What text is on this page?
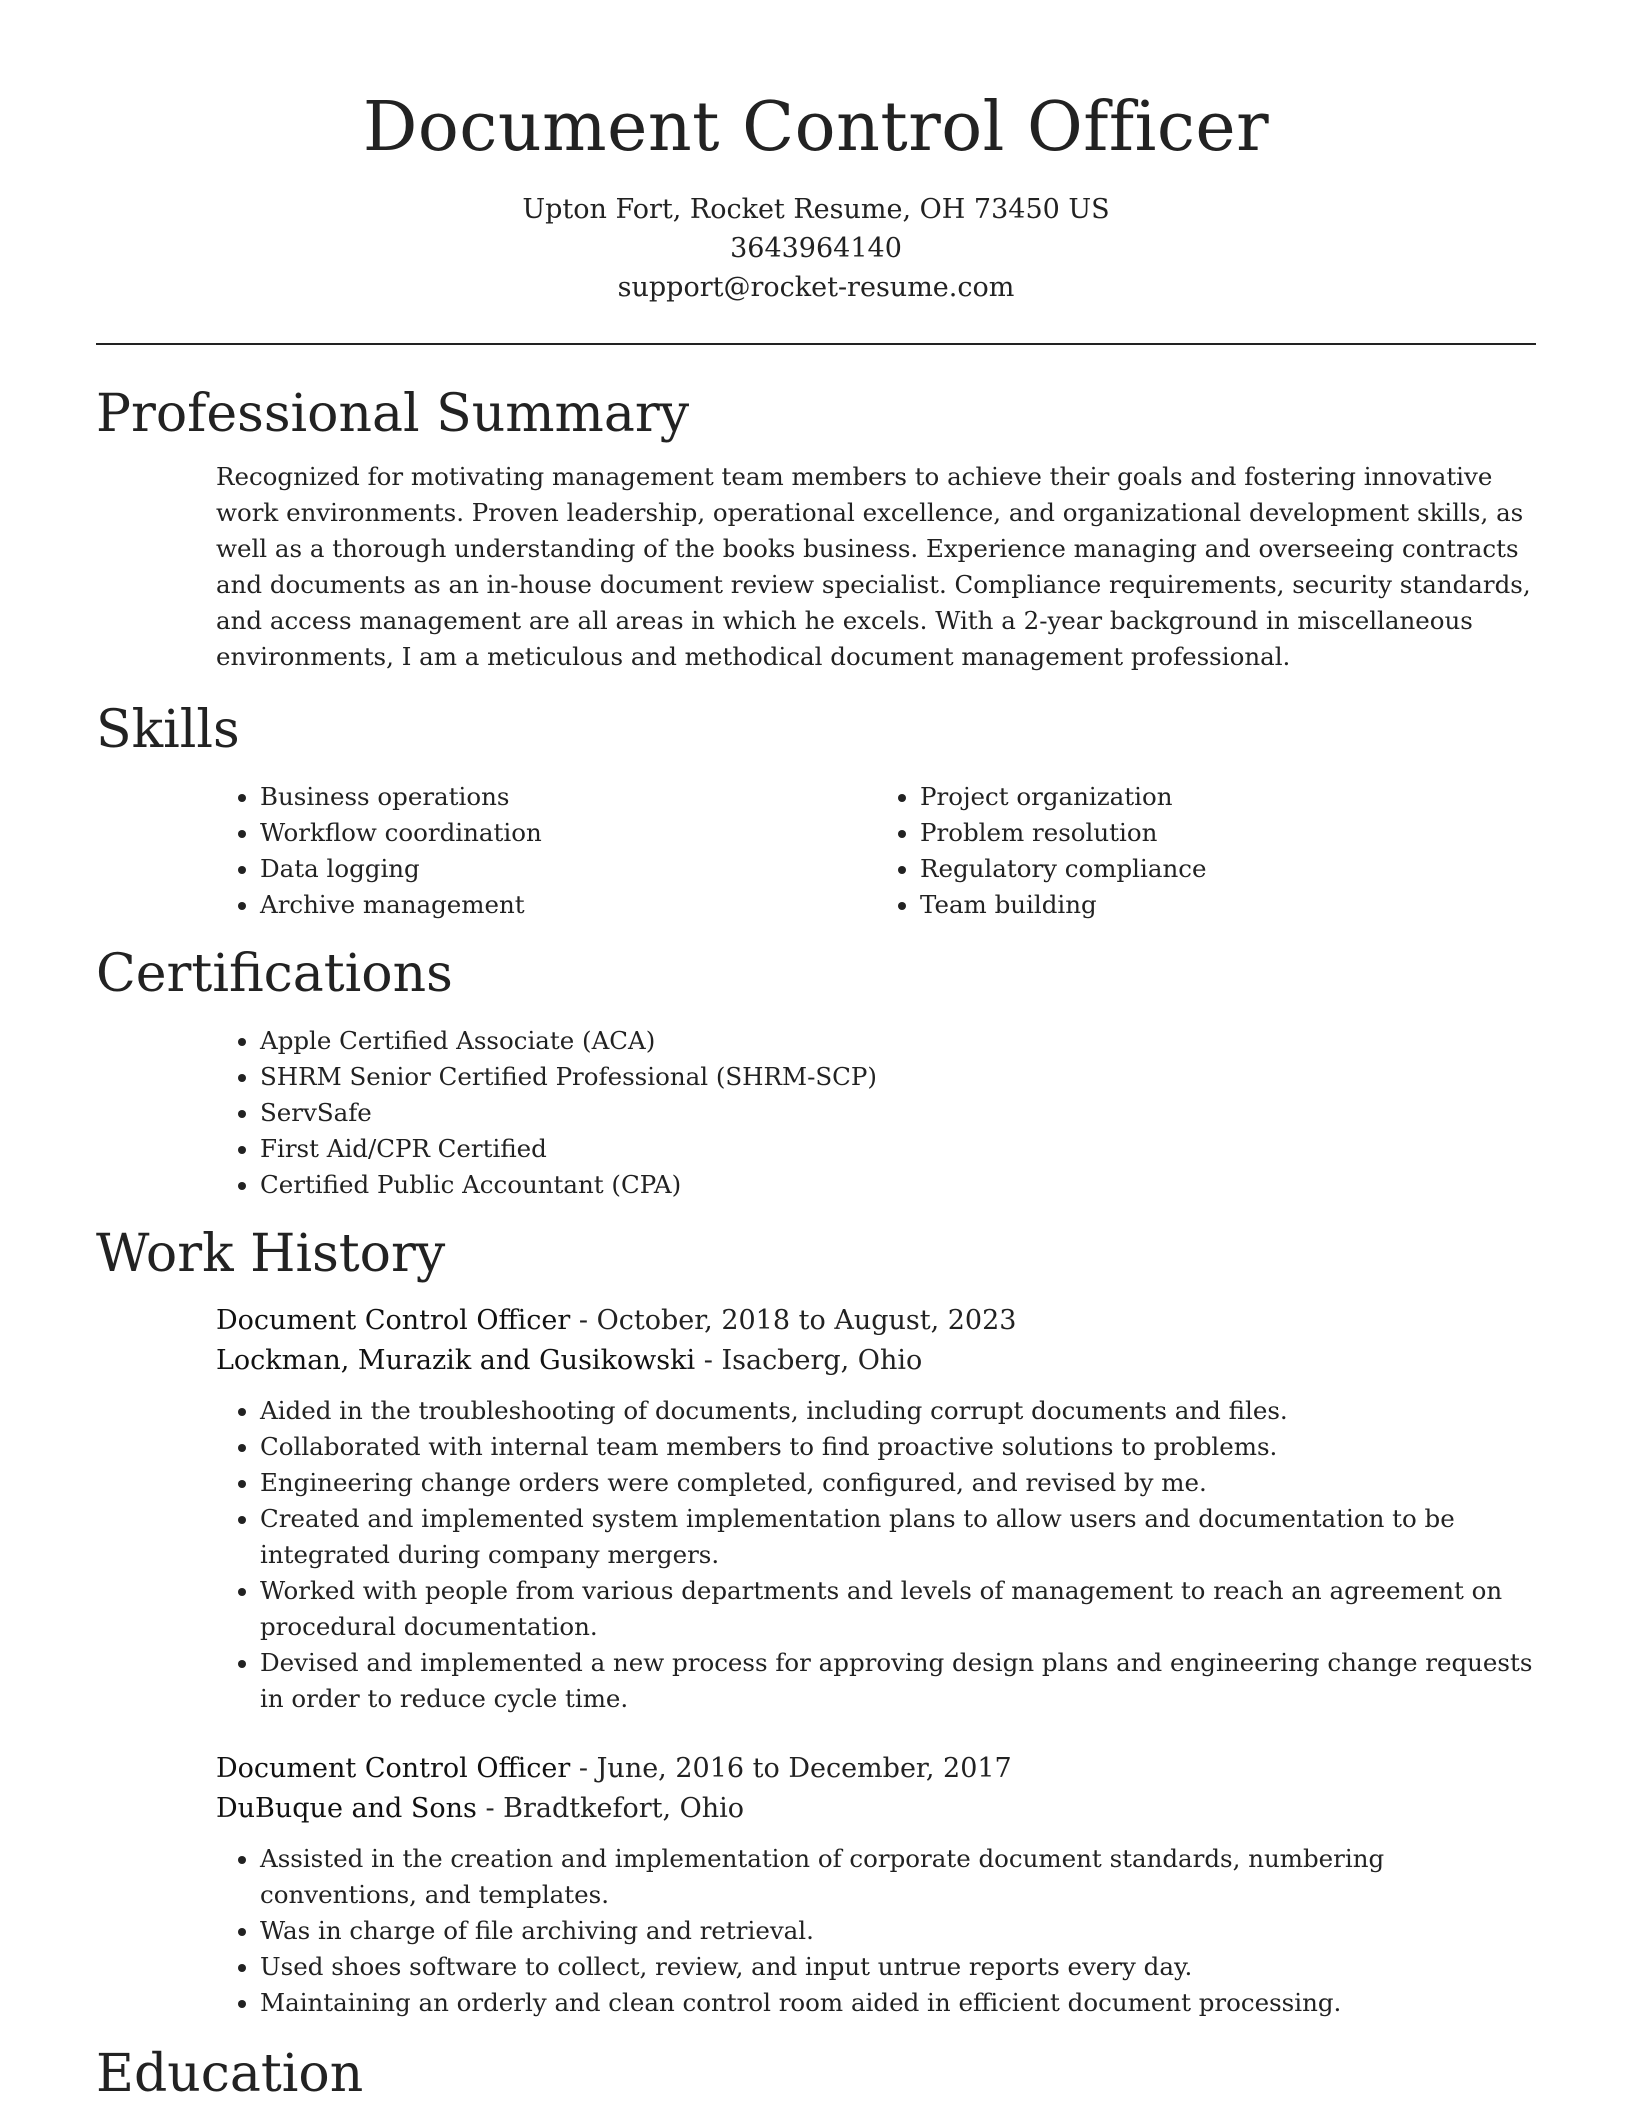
Document Control Officer
Upton Fort, Rocket Resume, OH 73450 US
3643964140
support@rocket-resume.com
Professional Summary
Recognized for motivating management team members to achieve their goals and fostering innovative work environments. Proven leadership, operational excellence, and organizational development skills, as well as a thorough understanding of the books business. Experience managing and overseeing contracts and documents as an in-house document review specialist. Compliance requirements, security standards, and access management are all areas in which he excels. With a 2-year background in miscellaneous environments, I am a meticulous and methodical document management professional.
Skills
• Business operations
• Workflow coordination
• Data logging
• Archive management
• Project organization
• Problem resolution
• Regulatory compliance
• Team building
Certifications
• Apple Certified Associate (ACA)
• SHRM Senior Certified Professional (SHRM-SCP)
• ServSafe
• First Aid/CPR Certified
• Certified Public Accountant (CPA)
Work History
Document Control Officer - October, 2018 to August, 2023
Lockman, Murazik and Gusikowski - Isacberg, Ohio
• Aided in the troubleshooting of documents, including corrupt documents and files.
• Collaborated with internal team members to find proactive solutions to problems.
• Engineering change orders were completed, configured, and revised by me.
• Created and implemented system implementation plans to allow users and documentation to be integrated during company mergers.
• Worked with people from various departments and levels of management to reach an agreement on procedural documentation.
• Devised and implemented a new process for approving design plans and engineering change requests in order to reduce cycle time.
Document Control Officer - June, 2016 to December, 2017
DuBuque and Sons - Bradtkefort, Ohio
• Assisted in the creation and implementation of corporate document standards, numbering conventions, and templates.
• Was in charge of file archiving and retrieval.
• Used shoes software to collect, review, and input untrue reports every day.
• Maintaining an orderly and clean control room aided in efficient document processing.
Education
